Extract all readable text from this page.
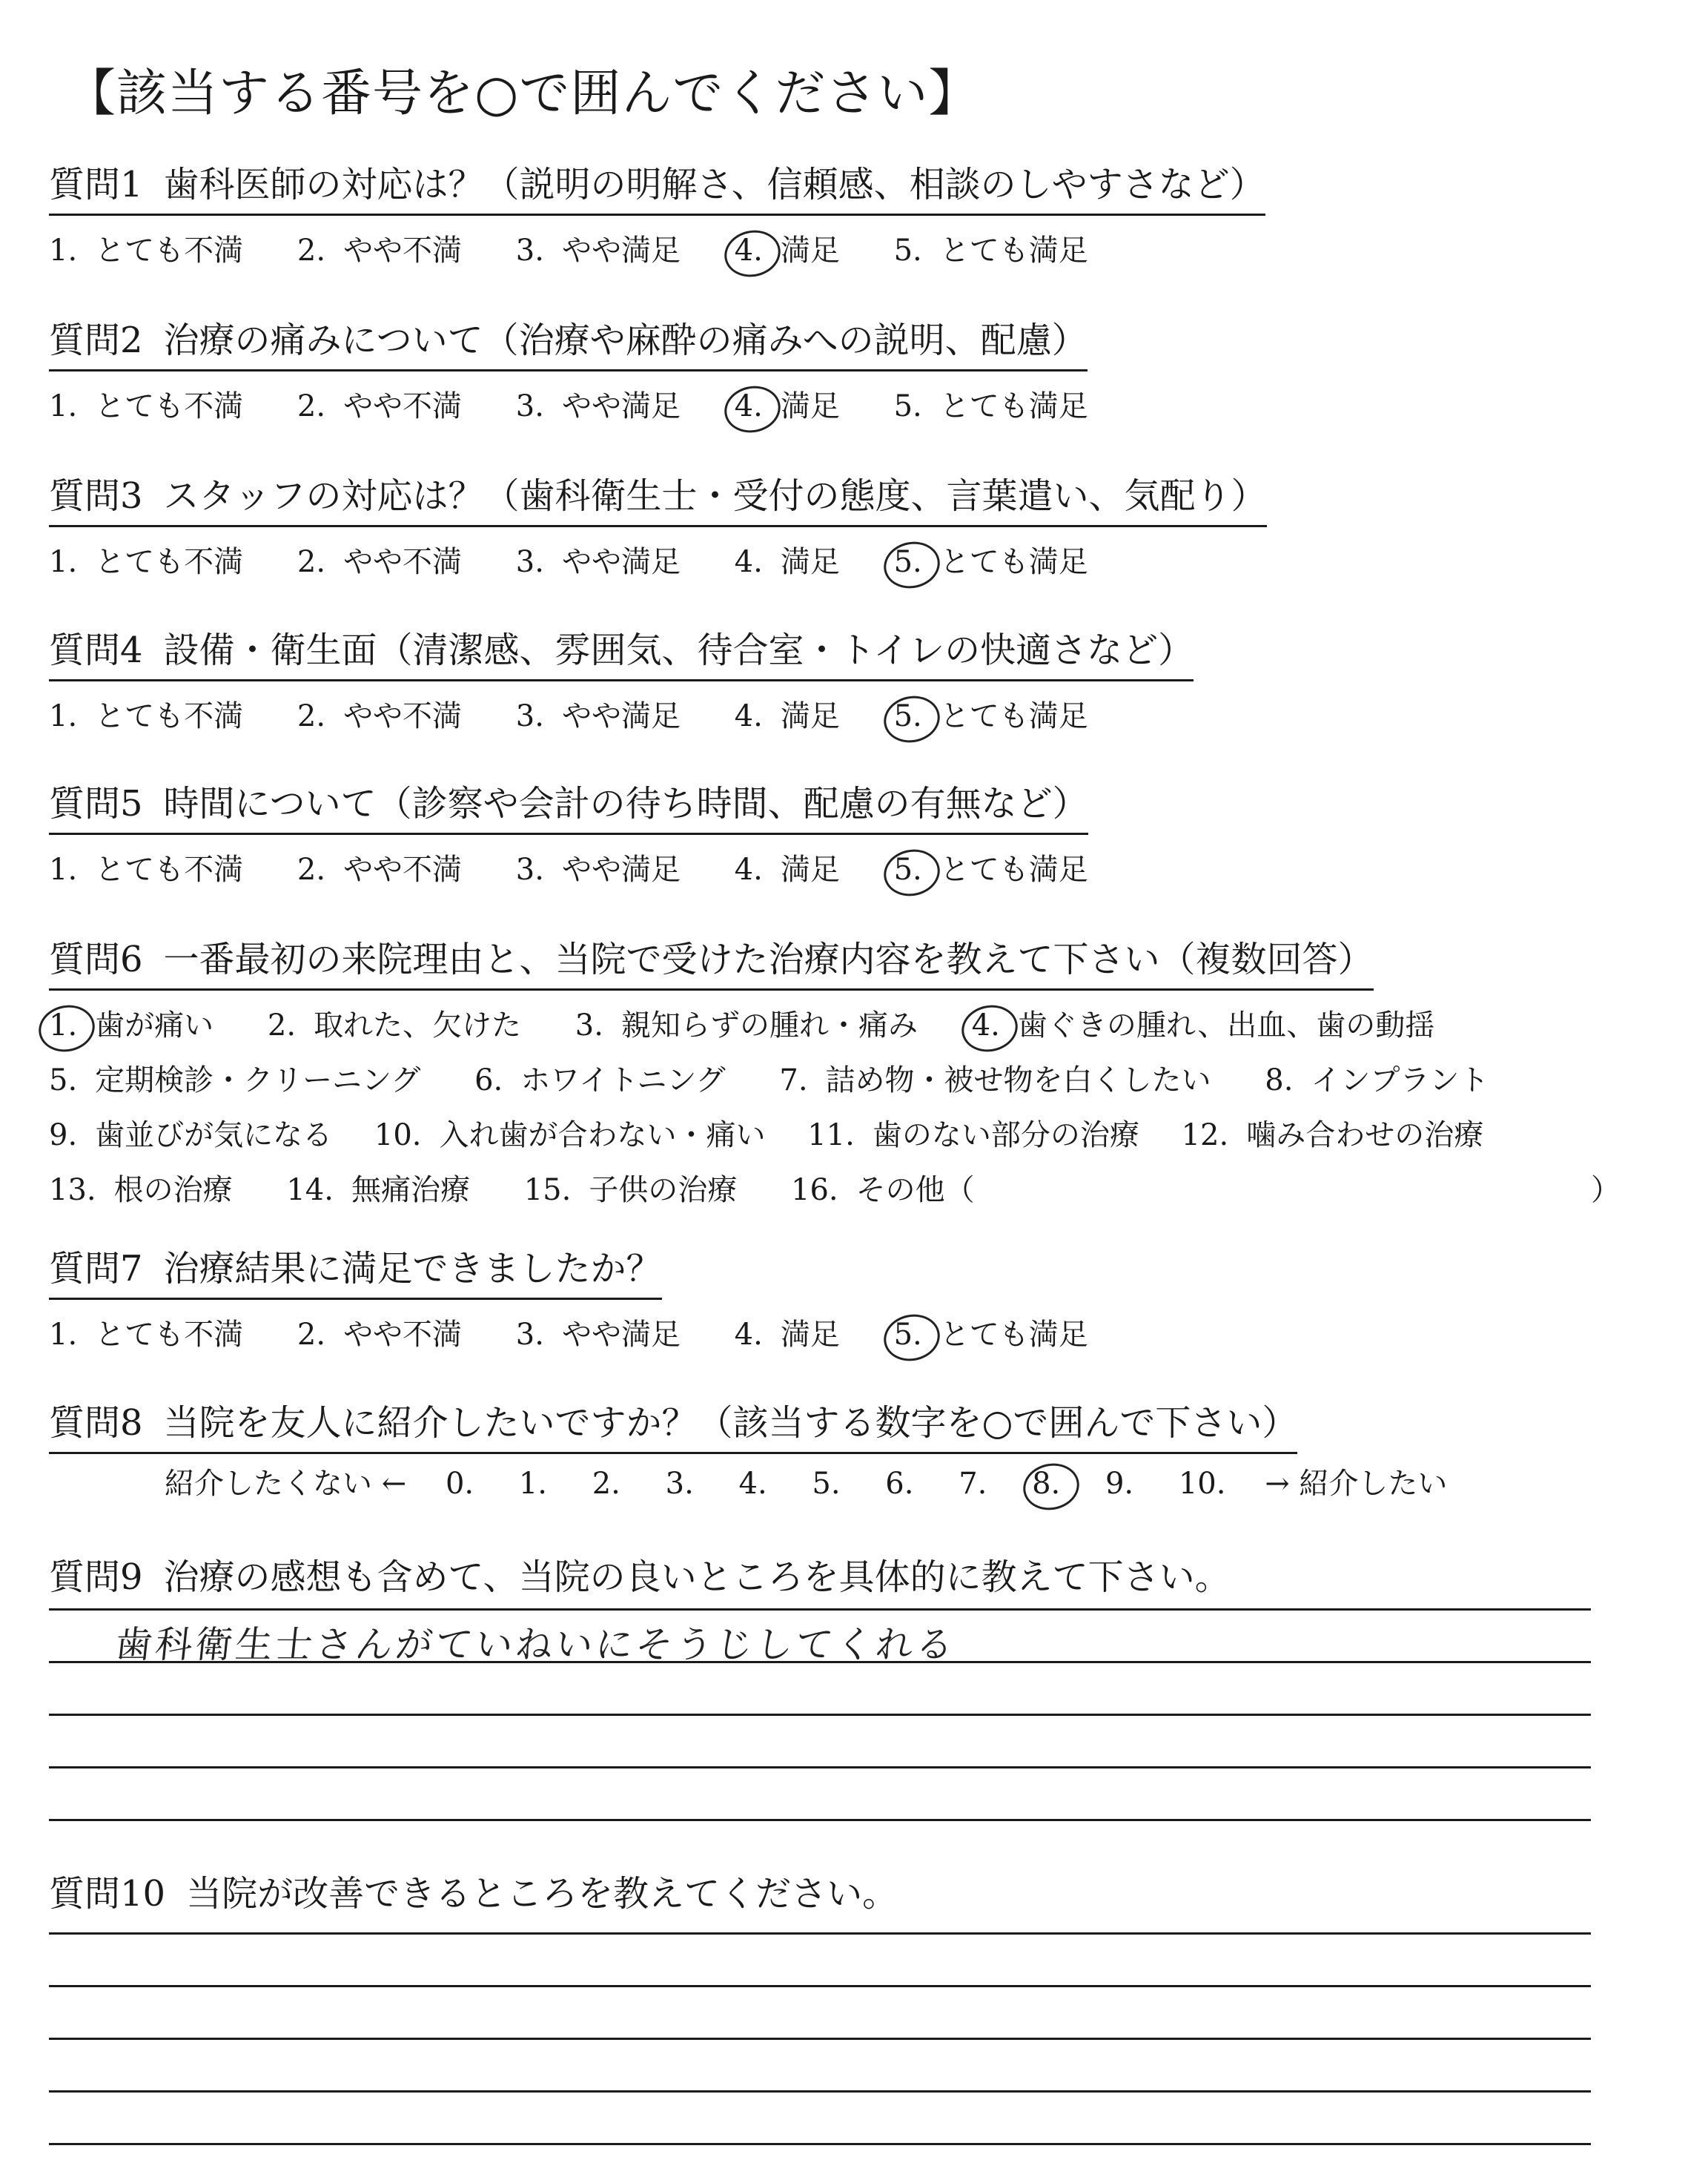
【該当する番号を○で囲んでください】
質問1 歯科医師の対応は？（説明の明解さ、信頼感、相談のしやすさなど）
1. とても不満 2. やや不満 3. やや満足 4. 満足 5. とても満足
質問2 治療の痛みについて（治療や麻酔の痛みへの説明、配慮）
1. とても不満 2. やや不満 3. やや満足 4. 満足 5. とても満足
質問3 スタッフの対応は？（歯科衛生士・受付の態度、言葉遣い、気配り）
1. とても不満 2. やや不満 3. やや満足 4. 満足 5. とても満足
質問4 設備・衛生面（清潔感、雰囲気、待合室・トイレの快適さなど）
1. とても不満 2. やや不満 3. やや満足 4. 満足 5. とても満足
質問5 時間について（診察や会計の待ち時間、配慮の有無など）
1. とても不満 2. やや不満 3. やや満足 4. 満足 5. とても満足
質問6 一番最初の来院理由と、当院で受けた治療内容を教えて下さい（複数回答）
1. 歯が痛い 2. 取れた、欠けた 3. 親知らずの腫れ・痛み 4. 歯ぐきの腫れ、出血、歯の動揺
5. 定期検診・クリーニング 6. ホワイトニング 7. 詰め物・被せ物を白くしたい 8. インプラント
9. 歯並びが気になる 10. 入れ歯が合わない・痛い 11. 歯のない部分の治療 12. 噛み合わせの治療
13. 根の治療 14. 無痛治療 15. 子供の治療 16. その他（	）
質問7 治療結果に満足できましたか？
1. とても不満 2. やや不満 3. やや満足 4. 満足 5. とても満足
質問8 当院を友人に紹介したいですか？（該当する数字を○で囲んで下さい）
紹介したくない ← 0. 1. 2. 3. 4. 5. 6. 7. 8. 9. 10. → 紹介したい
質問9 治療の感想も含めて、当院の良いところを具体的に教えて下さい。
歯科衛生士さんがていねいにそうじしてくれる
質問10 当院が改善できるところを教えてください。
